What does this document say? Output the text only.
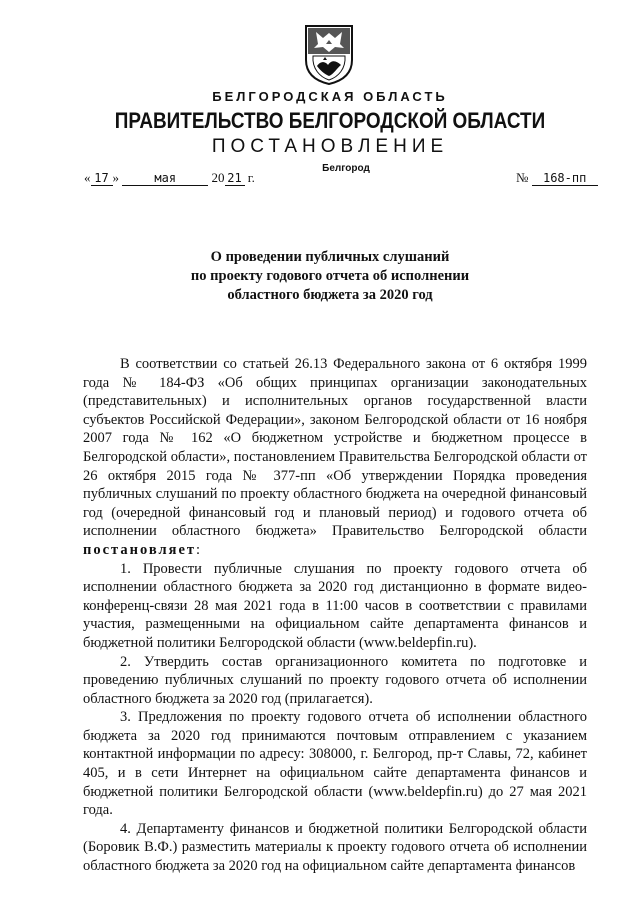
БЕЛГОРОДСКАЯ ОБЛАСТЬ
ПРАВИТЕЛЬСТВО БЕЛГОРОДСКОЙ ОБЛАСТИ
ПОСТАНОВЛЕНИЕ
Белгород
« 17 »	мая	20 21 г.	№ 168-пп
О проведении публичных слушаний
по проекту годового отчета об исполнении
областного бюджета за 2020 год

В соответствии со статьей 26.13 Федерального закона от 6 октября 1999 года № 184-ФЗ «Об общих принципах организации законодательных (представительных) и исполнительных органов государственной власти субъектов Российской Федерации», законом Белгородской области от 16 ноября 2007 года № 162 «О бюджетном устройстве и бюджетном процессе в Белгородской области», постановлением Правительства Белгородской области от 26 октября 2015 года № 377-пп «Об утверждении Порядка проведения публичных слушаний по проекту областного бюджета на очередной финансовый год (очередной финансовый год и плановый период) и годового отчета об исполнении областного бюджета» Правительство Белгородской области постановляет:

1. Провести публичные слушания по проекту годового отчета об исполнении областного бюджета за 2020 год дистанционно в формате видео-конференц-связи 28 мая 2021 года в 11:00 часов в соответствии с правилами участия, размещенными на официальном сайте департамента финансов и бюджетной политики Белгородской области (www.beldepfin.ru).

2. Утвердить состав организационного комитета по подготовке и проведению публичных слушаний по проекту годового отчета об исполнении областного бюджета за 2020 год (прилагается).

3. Предложения по проекту годового отчета об исполнении областного бюджета за 2020 год принимаются почтовым отправлением с указанием контактной информации по адресу: 308000, г. Белгород, пр-т Славы, 72, кабинет 405, и в сети Интернет на официальном сайте департамента финансов и бюджетной политики Белгородской области (www.beldepfin.ru) до 27 мая 2021 года.

4. Департаменту финансов и бюджетной политики Белгородской области (Боровик В.Ф.) разместить материалы к проекту годового отчета об исполнении областного бюджета за 2020 год на официальном сайте департамента финансов
